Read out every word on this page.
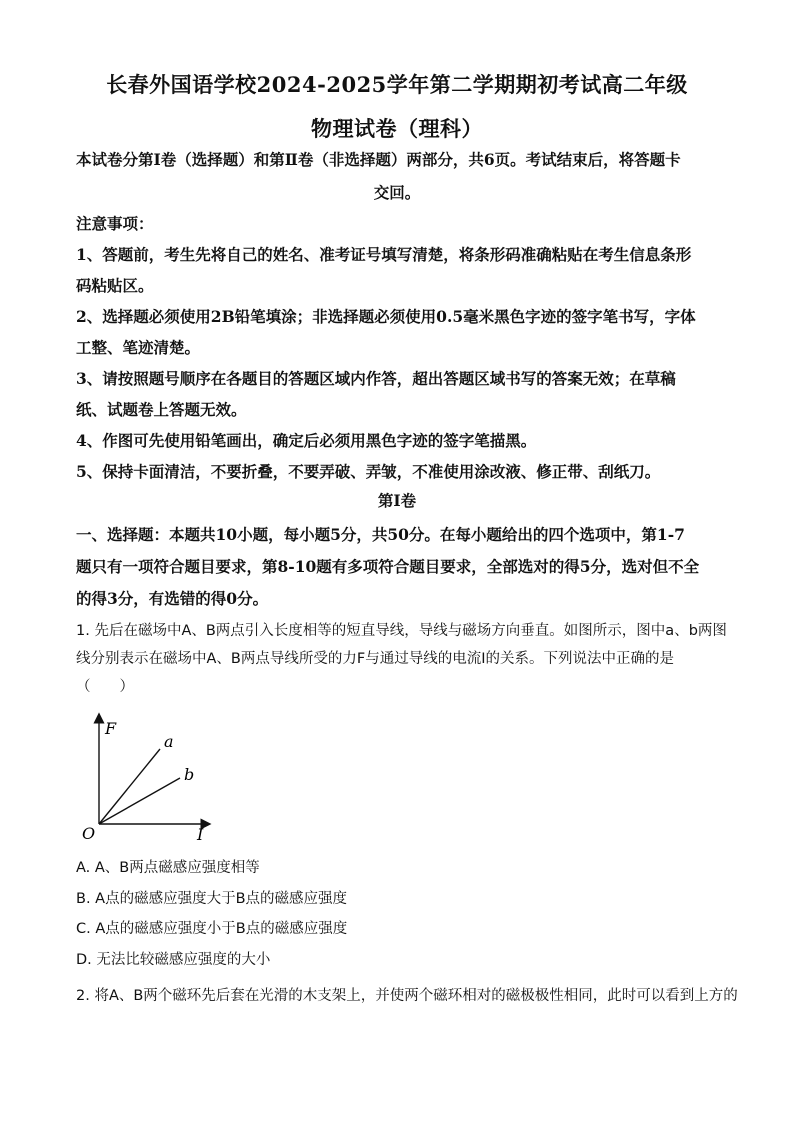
长春外国语学校2024-2025学年第二学期期初考试高二年级
物理试卷（理科）
本试卷分第Ⅰ卷（选择题）和第Ⅱ卷（非选择题）两部分，共6页。考试结束后，将答题卡
交回。
注意事项：
1、答题前，考生先将自己的姓名、准考证号填写清楚，将条形码准确粘贴在考生信息条形
码粘贴区。
2、选择题必须使用2B铅笔填涂；非选择题必须使用0.5毫米黑色字迹的签字笔书写，字体
工整、笔迹清楚。
3、请按照题号顺序在各题目的答题区域内作答，超出答题区域书写的答案无效；在草稿
纸、试题卷上答题无效。
4、作图可先使用铅笔画出，确定后必须用黑色字迹的签字笔描黑。
5、保持卡面清洁，不要折叠，不要弄破、弄皱，不准使用涂改液、修正带、刮纸刀。
第Ⅰ卷
一、选择题：本题共10小题，每小题5分，共50分。在每小题给出的四个选项中，第1-7
题只有一项符合题目要求，第8-10题有多项符合题目要求，全部选对的得5分，选对但不全
的得3分，有选错的得0分。
1. 先后在磁场中A、B两点引入长度相等的短直导线，导线与磁场方向垂直。如图所示，图中a、b两图
线分别表示在磁场中A、B两点导线所受的力F与通过导线的电流I的关系。下列说法中正确的是
（　　）
F
I
O
a
b
A. A、B两点磁感应强度相等
B. A点的磁感应强度大于B点的磁感应强度
C. A点的磁感应强度小于B点的磁感应强度
D. 无法比较磁感应强度的大小
2. 将A、B两个磁环先后套在光滑的木支架上，并使两个磁环相对的磁极极性相同，此时可以看到上方的
